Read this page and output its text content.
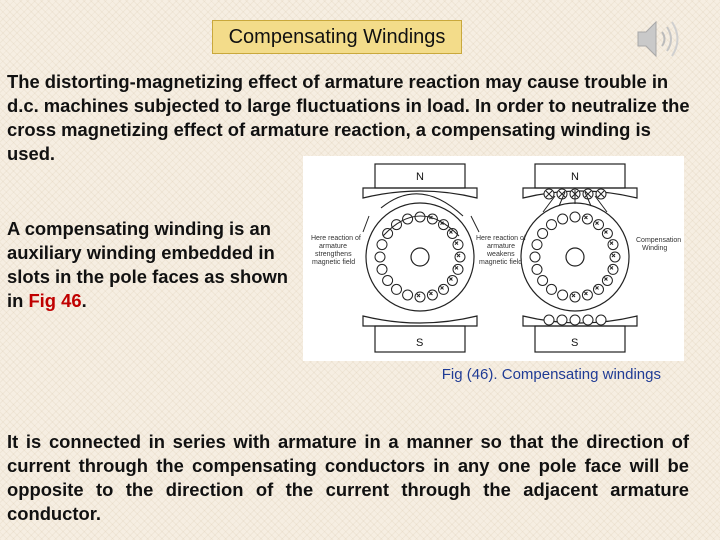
Compensating Windings

The distorting-magnetizing effect of armature reaction may cause trouble in d.c. machines subjected to large fluctuations in load. In order to neutralize the cross magnetizing effect of armature reaction, a compensating winding is used.

A compensating winding is an auxiliary winding embedded in slots in the pole faces as shown in Fig 46.

N
S
N
S
Here reaction of
armature
strengthens
magnetic field
Here reaction of
armature
weakens
magnetic field
Compensation
Winding
Fig (46). Compensating windings

It is connected in series with armature in a manner so that the direction of current through the compensating conductors in any one pole face will be opposite to the direction of the current through the adjacent armature conductor.
